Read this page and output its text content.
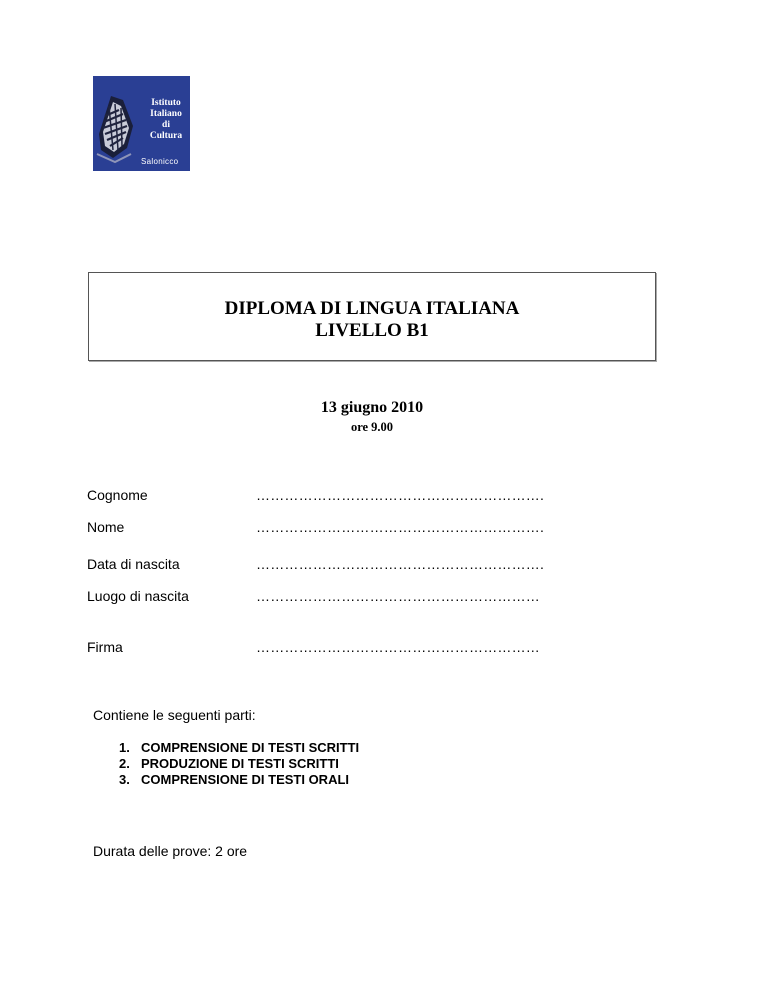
Istituto
Italiano
di
Cultura
Salonicco
DIPLOMA DI LINGUA ITALIANA
LIVELLO B1
13 giugno 2010
ore 9.00
Cognome	…………………………………………………….
Nome	…………………………………………………….
Data di nascita	…………………………………………………….
Luogo di nascita	……………………………………………………
Firma	……………………………………………………
Contiene le seguenti parti:
1. COMPRENSIONE DI TESTI SCRITTI
2. PRODUZIONE DI TESTI SCRITTI
3. COMPRENSIONE DI TESTI ORALI
Durata delle prove: 2 ore
